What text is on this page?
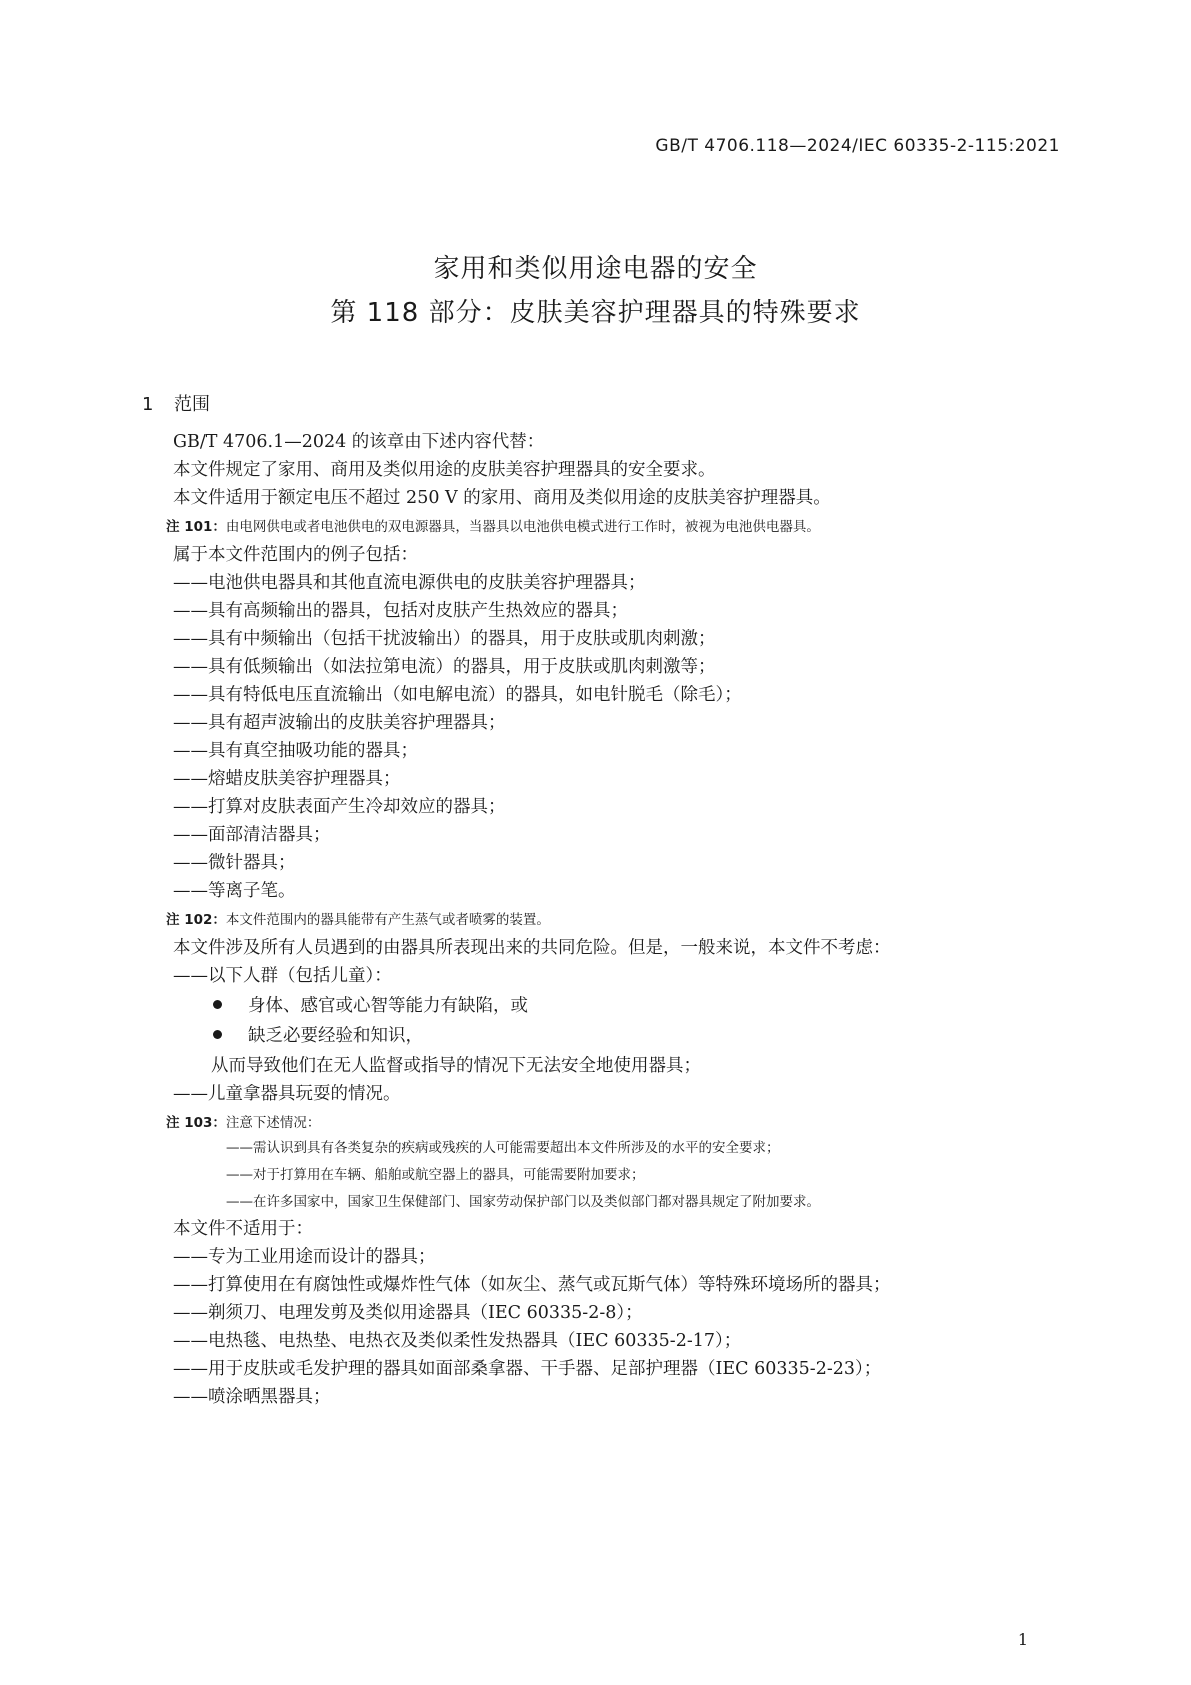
GB/T 4706.118—2024/IEC 60335-2-115:2021
家用和类似用途电器的安全
第 118 部分：皮肤美容护理器具的特殊要求
1 范围
GB/T 4706.1—2024 的该章由下述内容代替：
本文件规定了家用、商用及类似用途的皮肤美容护理器具的安全要求。
本文件适用于额定电压不超过 250 V 的家用、商用及类似用途的皮肤美容护理器具。
注 101：由电网供电或者电池供电的双电源器具，当器具以电池供电模式进行工作时，被视为电池供电器具。
属于本文件范围内的例子包括：
——电池供电器具和其他直流电源供电的皮肤美容护理器具；
——具有高频输出的器具，包括对皮肤产生热效应的器具；
——具有中频输出（包括干扰波输出）的器具，用于皮肤或肌肉刺激；
——具有低频输出（如法拉第电流）的器具，用于皮肤或肌肉刺激等；
——具有特低电压直流输出（如电解电流）的器具，如电针脱毛（除毛）；
——具有超声波输出的皮肤美容护理器具；
——具有真空抽吸功能的器具；
——熔蜡皮肤美容护理器具；
——打算对皮肤表面产生冷却效应的器具；
——面部清洁器具；
——微针器具；
——等离子笔。
注 102：本文件范围内的器具能带有产生蒸气或者喷雾的装置。
本文件涉及所有人员遇到的由器具所表现出来的共同危险。但是，一般来说，本文件不考虑：
——以下人群（包括儿童）：
身体、感官或心智等能力有缺陷，或
缺乏必要经验和知识，
从而导致他们在无人监督或指导的情况下无法安全地使用器具；
——儿童拿器具玩耍的情况。
注 103：注意下述情况：
——需认识到具有各类复杂的疾病或残疾的人可能需要超出本文件所涉及的水平的安全要求；
——对于打算用在车辆、船舶或航空器上的器具，可能需要附加要求；
——在许多国家中，国家卫生保健部门、国家劳动保护部门以及类似部门都对器具规定了附加要求。
本文件不适用于：
——专为工业用途而设计的器具；
——打算使用在有腐蚀性或爆炸性气体（如灰尘、蒸气或瓦斯气体）等特殊环境场所的器具；
——剃须刀、电理发剪及类似用途器具（IEC 60335-2-8）；
——电热毯、电热垫、电热衣及类似柔性发热器具（IEC 60335-2-17）；
——用于皮肤或毛发护理的器具如面部桑拿器、干手器、足部护理器（IEC 60335-2-23）；
——喷涂晒黑器具；
1
